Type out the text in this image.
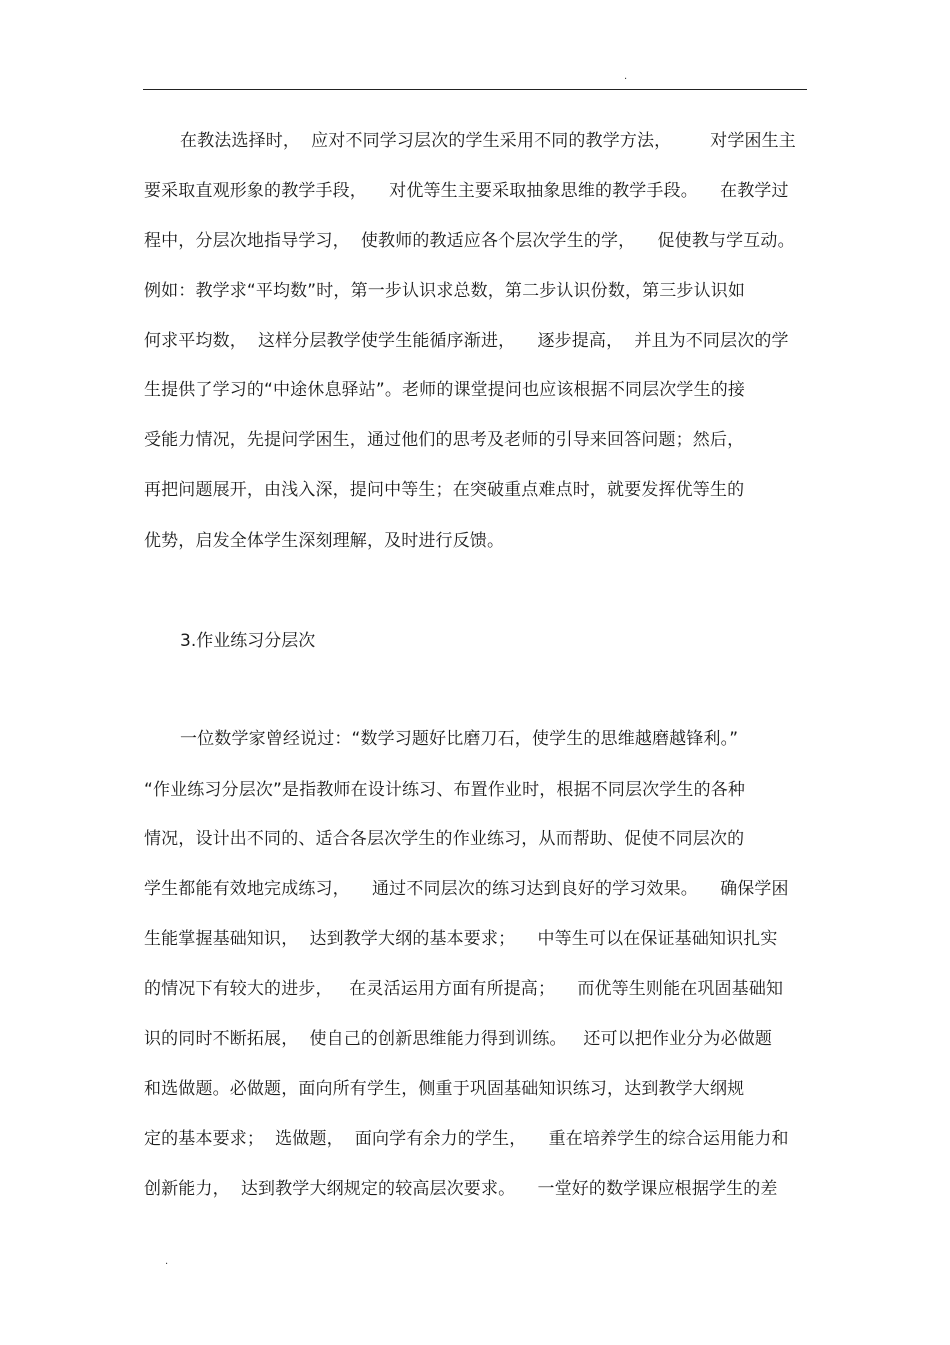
.
在教法选择时，  应对不同学习层次的学生采用不同的教学方法，       对学困生主
要采取直观形象的教学手段，    对优等生主要采取抽象思维的教学手段。    在教学过
程中，分层次地指导学习，  使教师的教适应各个层次学生的学，    促使教与学互动。
例如：教学求“平均数”时，第一步认识求总数，第二步认识份数，第三步认识如
何求平均数，  这样分层教学使学生能循序渐进，    逐步提高，  并且为不同层次的学
生提供了学习的“中途休息驿站”。老师的课堂提问也应该根据不同层次学生的接
受能力情况，先提问学困生，通过他们的思考及老师的引导来回答问题；然后，
再把问题展开，由浅入深，提问中等生；在突破重点难点时，就要发挥优等生的
优势，启发全体学生深刻理解，及时进行反馈。
3.作业练习分层次
一位数学家曾经说过：“数学习题好比磨刀石，使学生的思维越磨越锋利。”
“作业练习分层次”是指教师在设计练习、布置作业时，根据不同层次学生的各种
情况，设计出不同的、适合各层次学生的作业练习，从而帮助、促使不同层次的
学生都能有效地完成练习，    通过不同层次的练习达到良好的学习效果。    确保学困
生能掌握基础知识，  达到教学大纲的基本要求；    中等生可以在保证基础知识扎实
的情况下有较大的进步，   在灵活运用方面有所提高；    而优等生则能在巩固基础知
识的同时不断拓展，  使自己的创新思维能力得到训练。   还可以把作业分为必做题
和选做题。必做题，面向所有学生，侧重于巩固基础知识练习，达到教学大纲规
定的基本要求；  选做题，  面向学有余力的学生，    重在培养学生的综合运用能力和
创新能力，  达到教学大纲规定的较高层次要求。    一堂好的数学课应根据学生的差
.
